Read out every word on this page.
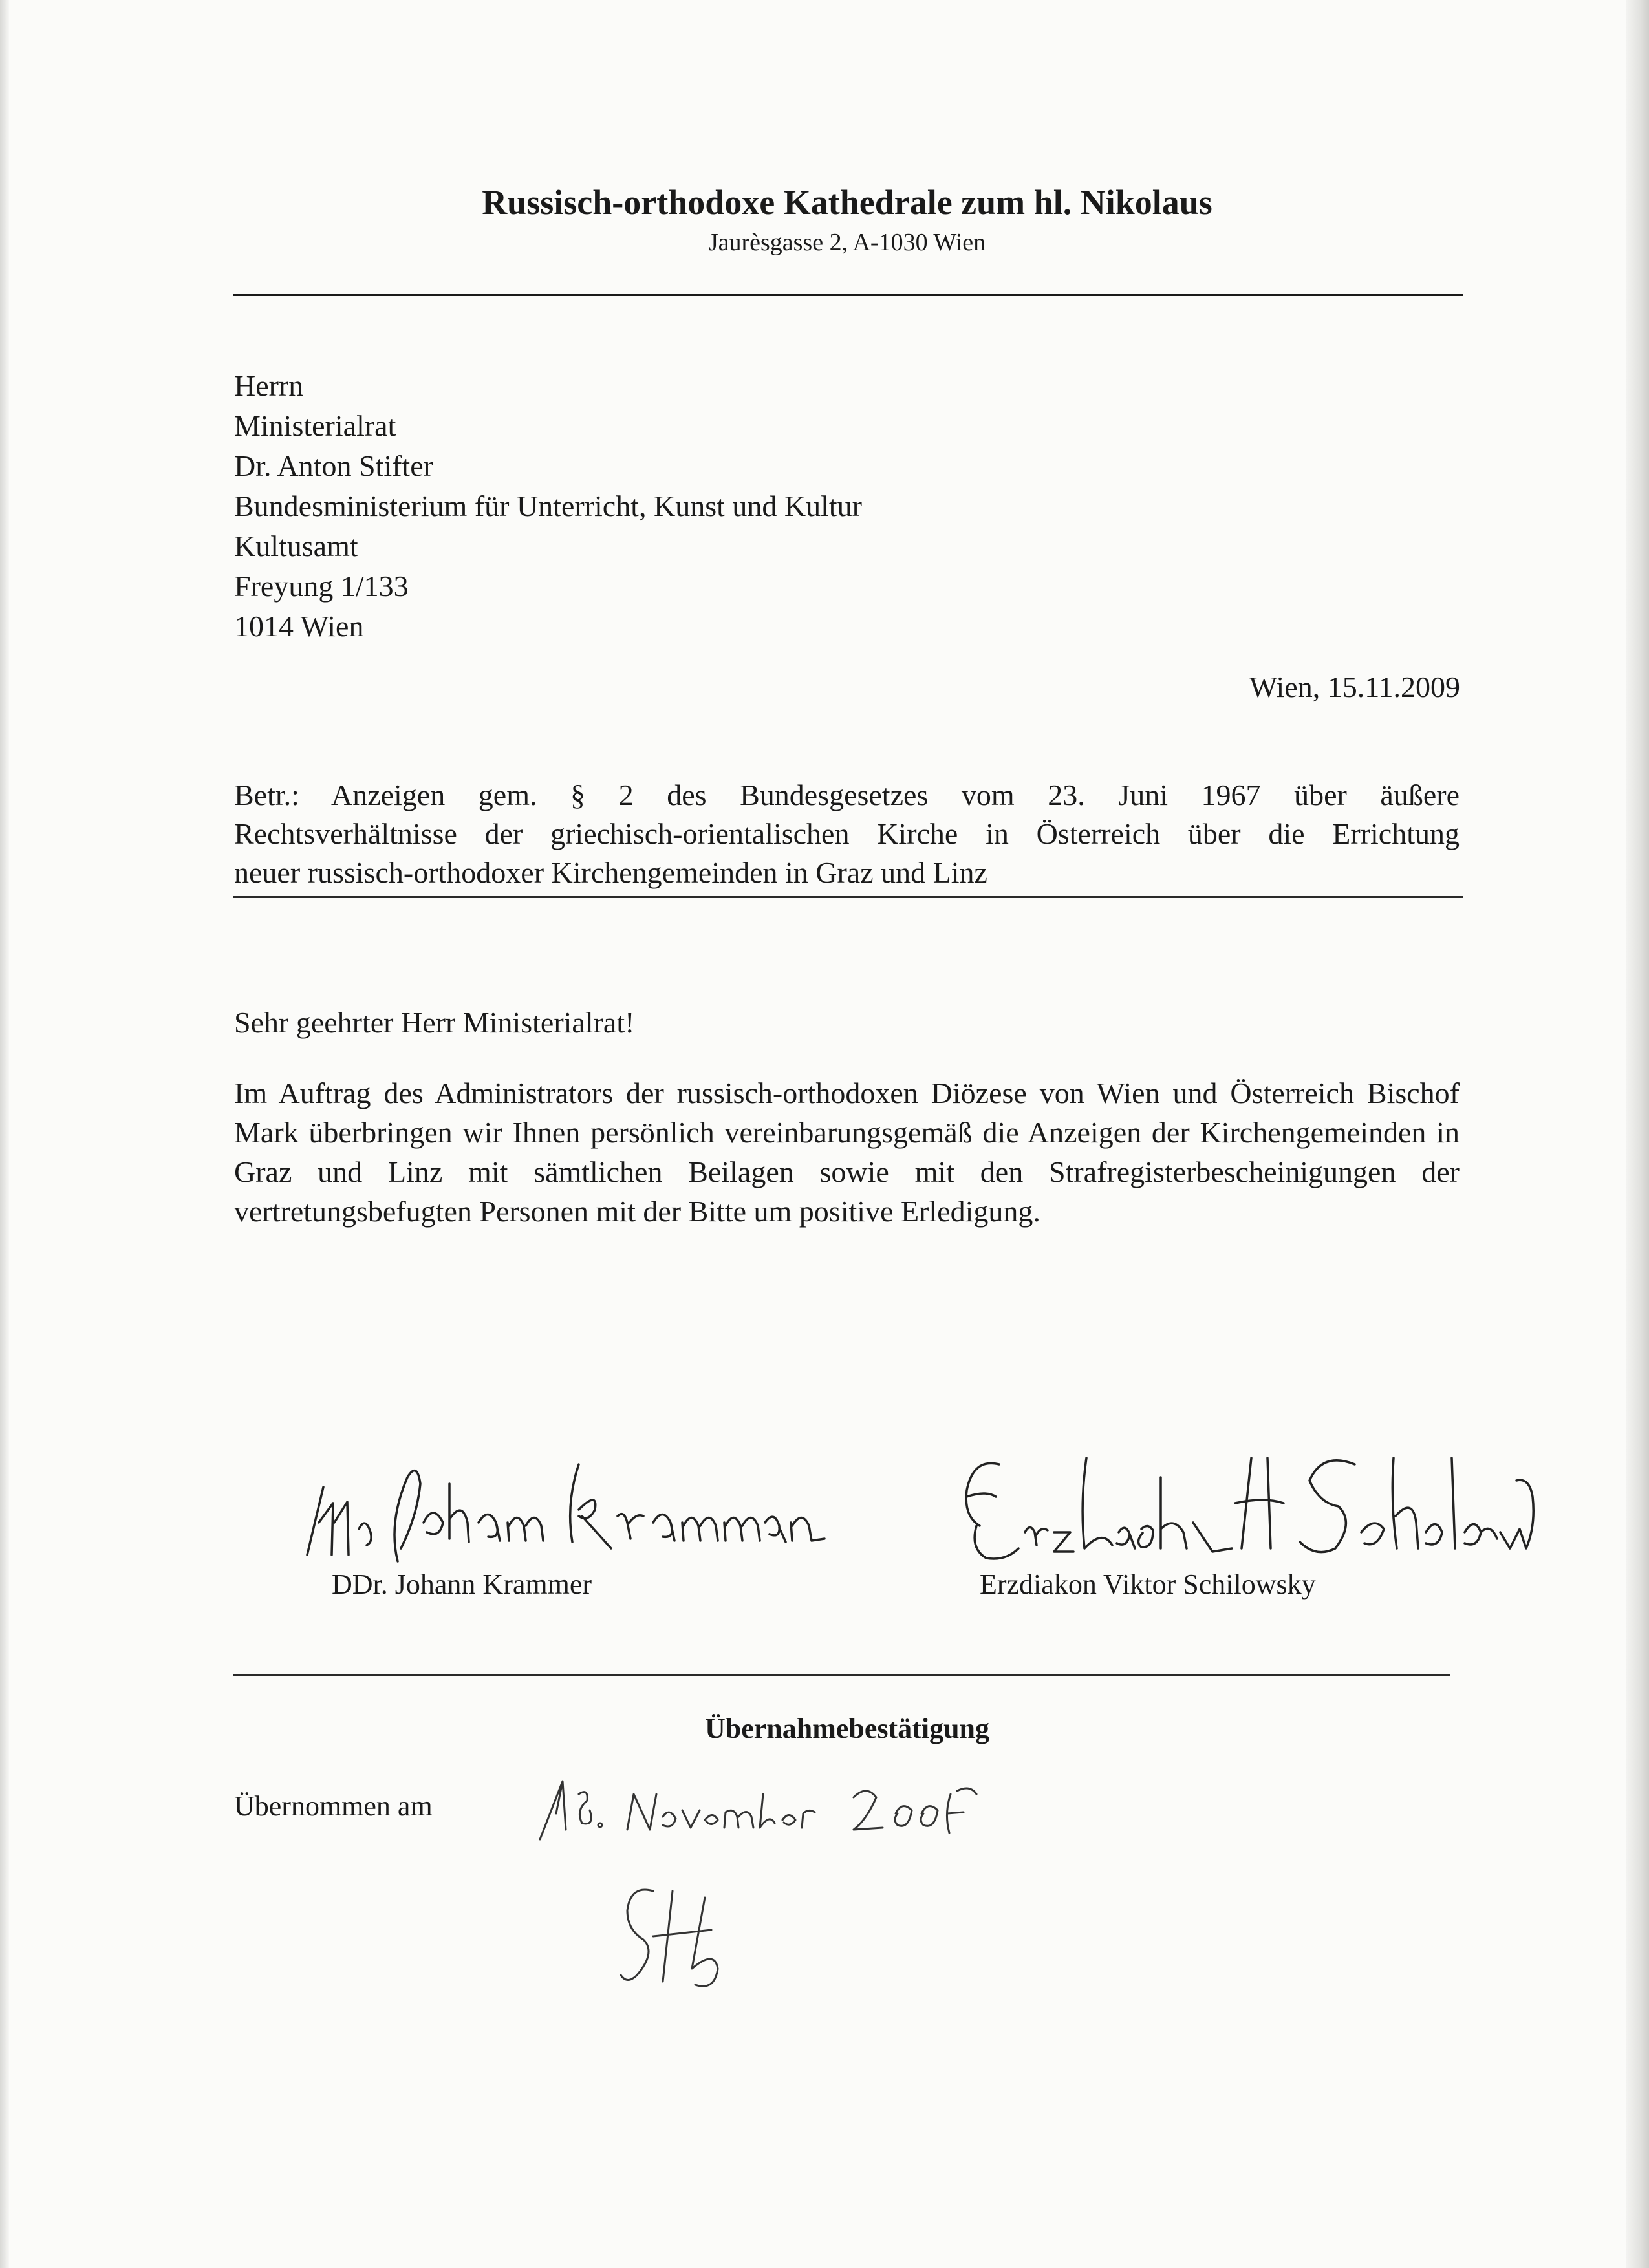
Russisch-orthodoxe Kathedrale zum hl. Nikolaus
Jaurèsgasse 2, A-1030 Wien
Herrn
Ministerialrat
Dr. Anton Stifter
Bundesministerium für Unterricht, Kunst und Kultur
Kultusamt
Freyung 1/133
1014 Wien
Wien, 15.11.2009
Betr.: Anzeigen gem. § 2 des Bundesgesetzes vom 23. Juni 1967 über äußere
Rechtsverhältnisse der griechisch-orientalischen Kirche in Österreich über die Errichtung
neuer russisch-orthodoxer Kirchengemeinden in Graz und Linz
Sehr geehrter Herr Ministerialrat!
Im Auftrag des Administrators der russisch-orthodoxen Diözese von Wien und Österreich Bischof Mark überbringen wir Ihnen persönlich vereinbarungsgemäß die Anzeigen der Kirchengemeinden in Graz und Linz mit sämtlichen Beilagen sowie mit den Strafregisterbescheinigungen der vertretungsbefugten Personen mit der Bitte um positive Erledigung.
DDr. Johann Krammer	Erzdiakon Viktor Schilowsky
Übernahmebestätigung
Übernommen am
